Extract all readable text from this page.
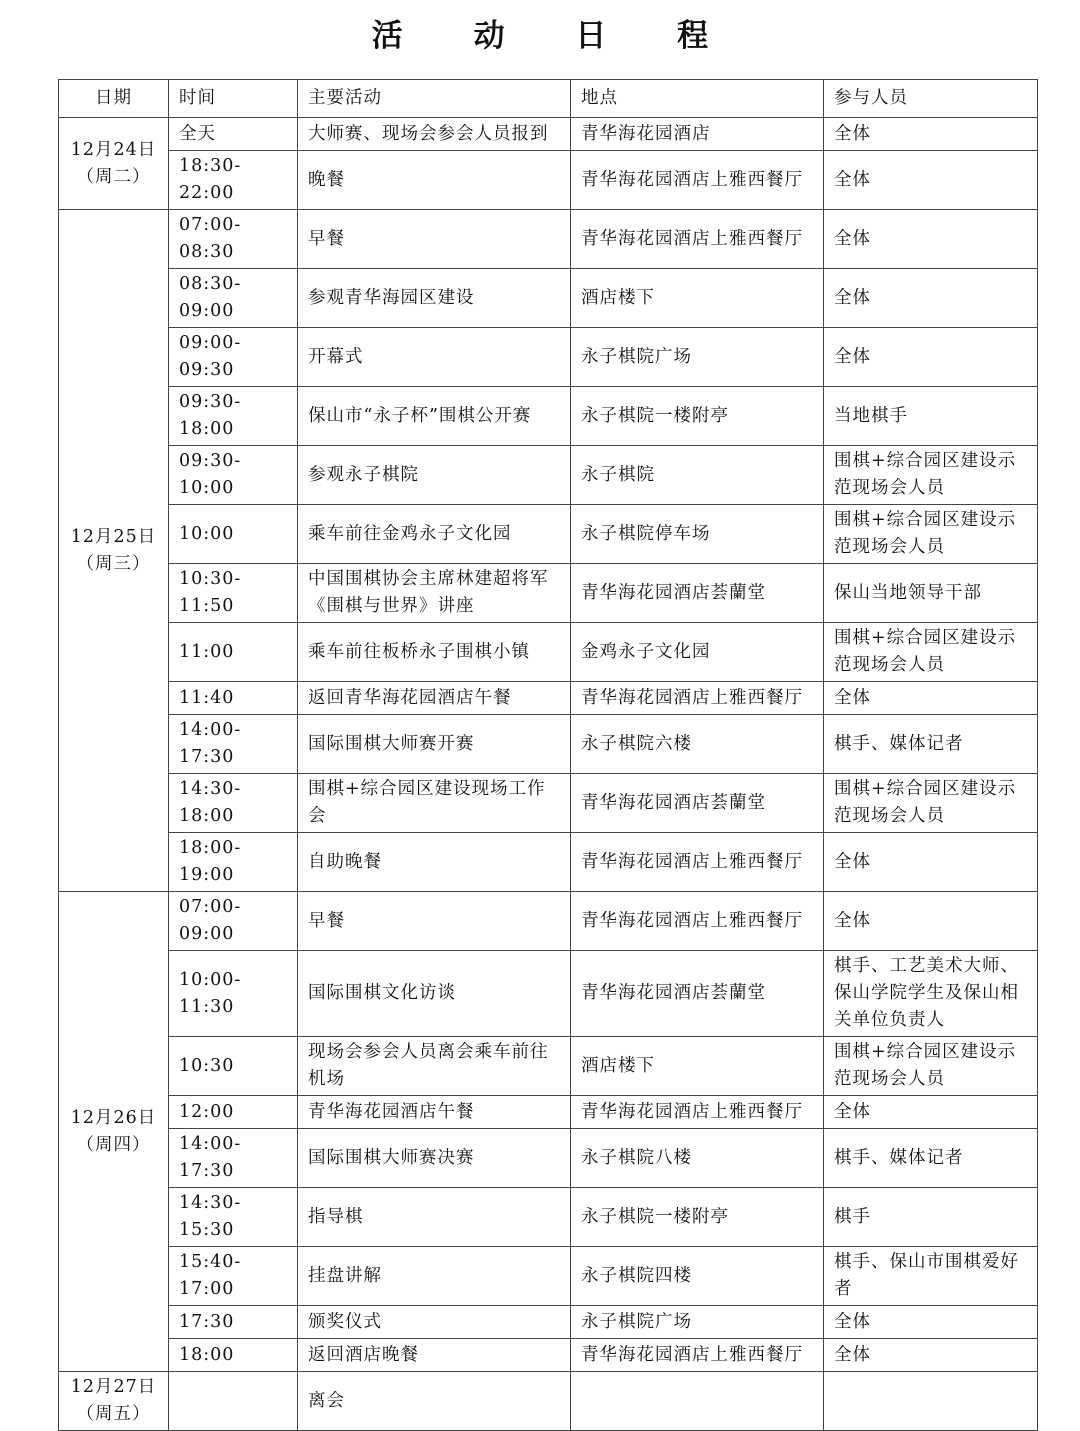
活 动 日 程
日期	时间	主要活动	地点	参与人员

12月24日
（周二）	全天	大师赛、现场会参会人员报到	青华海花园酒店	全体
	18:30-22:00	晚餐	青华海花园酒店上雅西餐厅	全体

12月25日
（周三）	07:00-08:30	早餐	青华海花园酒店上雅西餐厅	全体
	08:30-09:00	参观青华海园区建设	酒店楼下	全体
	09:00-09:30	开幕式	永子棋院广场	全体
	09:30-18:00	保山市“永子杯”围棋公开赛	永子棋院一楼附亭	当地棋手
	09:30-10:00	参观永子棋院	永子棋院	围棋+综合园区建设示范现场会人员
	10:00	乘车前往金鸡永子文化园	永子棋院停车场	围棋+综合园区建设示范现场会人员
	10:30-11:50	中国围棋协会主席林建超将军《围棋与世界》讲座	青华海花园酒店荟蘭堂	保山当地领导干部
	11:00	乘车前往板桥永子围棋小镇	金鸡永子文化园	围棋+综合园区建设示范现场会人员
	11:40	返回青华海花园酒店午餐	青华海花园酒店上雅西餐厅	全体
	14:00-17:30	国际围棋大师赛开赛	永子棋院六楼	棋手、媒体记者
	14:30-18:00	围棋+综合园区建设现场工作会	青华海花园酒店荟蘭堂	围棋+综合园区建设示范现场会人员
	18:00-19:00	自助晚餐	青华海花园酒店上雅西餐厅	全体

12月26日
（周四）	07:00-09:00	早餐	青华海花园酒店上雅西餐厅	全体
	10:00-11:30	国际围棋文化访谈	青华海花园酒店荟蘭堂	棋手、工艺美术大师、保山学院学生及保山相关单位负责人
	10:30	现场会参会人员离会乘车前往机场	酒店楼下	围棋+综合园区建设示范现场会人员
	12:00	青华海花园酒店午餐	青华海花园酒店上雅西餐厅	全体
	14:00-17:30	国际围棋大师赛决赛	永子棋院八楼	棋手、媒体记者
	14:30-15:30	指导棋	永子棋院一楼附亭	棋手
	15:40-17:00	挂盘讲解	永子棋院四楼	棋手、保山市围棋爱好者
	17:30	颁奖仪式	永子棋院广场	全体
	18:00	返回酒店晚餐	青华海花园酒店上雅西餐厅	全体

12月27日
（周五）		离会		
